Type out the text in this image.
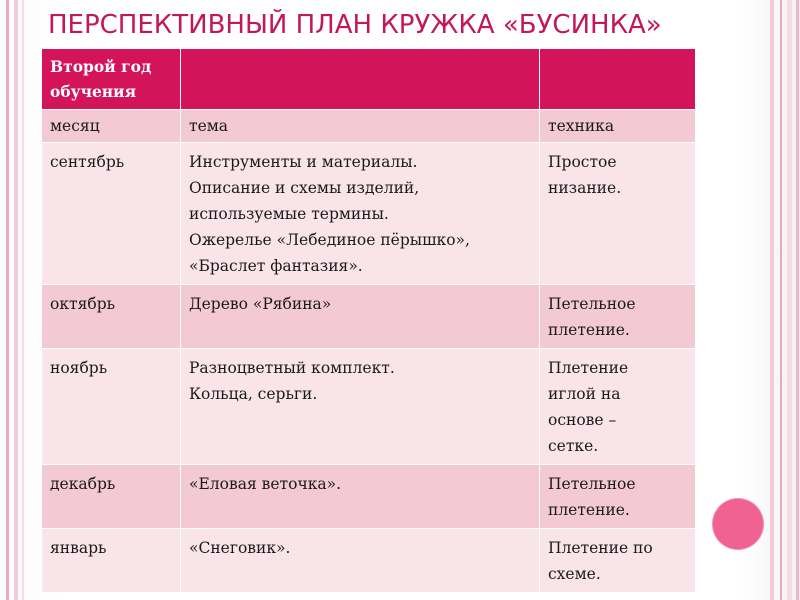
ПЕРСПЕКТИВНЫЙ ПЛАН КРУЖКА «БУСИНКА»
Второй год обучения		
месяц	тема	техника
сентябрь	Инструменты и материалы.
Описание и схемы изделий,
используемые термины.
Ожерелье «Лебединое пёрышко»,
«Браслет фантазия».	Простое
низание.

октябрь	Дерево «Рябина»	Петельное
плетение.

ноябрь	Разноцветный комплект.
Кольца, серьги.	Плетение
иглой на
основе –
сетке.

декабрь	«Еловая веточка».	Петельное
плетение.

январь	«Снеговик».	Плетение по
схеме.
